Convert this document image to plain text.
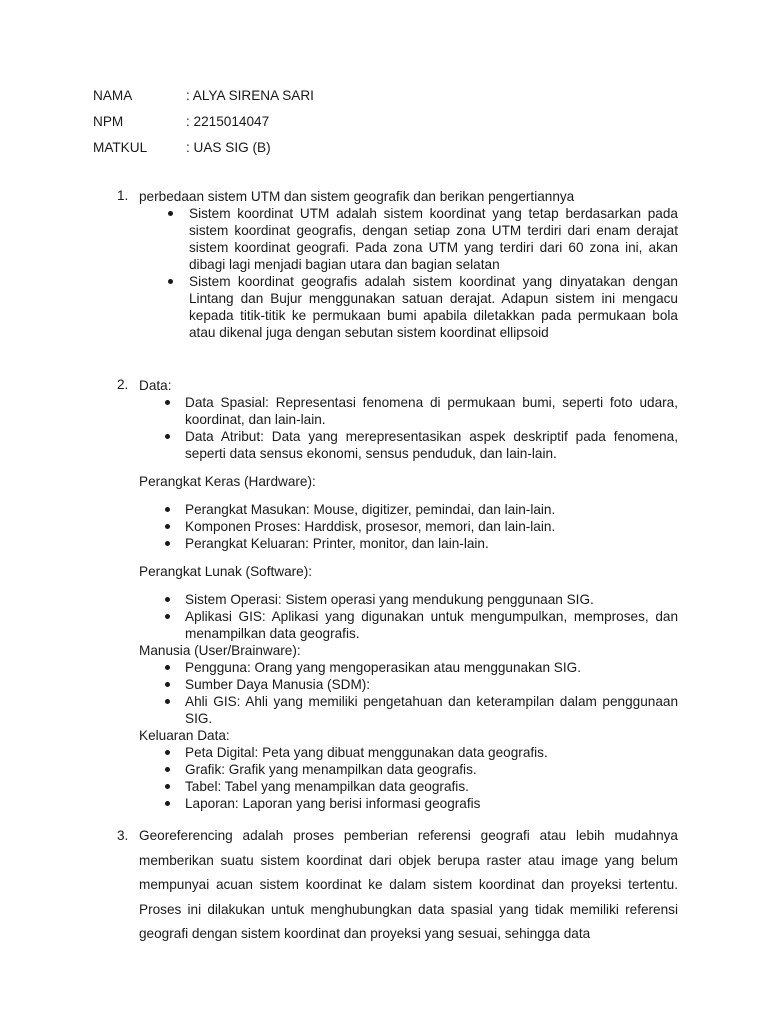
NAMA	: ALYA SIRENA SARI
NPM	: 2215014047
MATKUL	: UAS SIG (B)
1. perbedaan sistem UTM dan sistem geografik dan berikan pengertiannya
Sistem koordinat UTM adalah sistem koordinat yang tetap berdasarkan pada sistem koordinat geografis, dengan setiap zona UTM terdiri dari enam derajat sistem koordinat geografi. Pada zona UTM yang terdiri dari 60 zona ini, akan dibagi lagi menjadi bagian utara dan bagian selatan
Sistem koordinat geografis adalah sistem koordinat yang dinyatakan dengan Lintang dan Bujur menggunakan satuan derajat. Adapun sistem ini mengacu kepada titik-titik ke permukaan bumi apabila diletakkan pada permukaan bola atau dikenal juga dengan sebutan sistem koordinat ellipsoid
2. Data:
Data Spasial: Representasi fenomena di permukaan bumi, seperti foto udara, koordinat, dan lain-lain.
Data Atribut: Data yang merepresentasikan aspek deskriptif pada fenomena, seperti data sensus ekonomi, sensus penduduk, dan lain-lain.
Perangkat Keras (Hardware):
Perangkat Masukan: Mouse, digitizer, pemindai, dan lain-lain.
Komponen Proses: Harddisk, prosesor, memori, dan lain-lain.
Perangkat Keluaran: Printer, monitor, dan lain-lain.
Perangkat Lunak (Software):
Sistem Operasi: Sistem operasi yang mendukung penggunaan SIG.
Aplikasi GIS: Aplikasi yang digunakan untuk mengumpulkan, memproses, dan menampilkan data geografis.
Manusia (User/Brainware):
Pengguna: Orang yang mengoperasikan atau menggunakan SIG.
Sumber Daya Manusia (SDM):
Ahli GIS: Ahli yang memiliki pengetahuan dan keterampilan dalam penggunaan SIG.
Keluaran Data:
Peta Digital: Peta yang dibuat menggunakan data geografis.
Grafik: Grafik yang menampilkan data geografis.
Tabel: Tabel yang menampilkan data geografis.
Laporan: Laporan yang berisi informasi geografis
3. Georeferencing adalah proses pemberian referensi geografi atau lebih mudahnya memberikan suatu sistem koordinat dari objek berupa raster atau image yang belum mempunyai acuan sistem koordinat ke dalam sistem koordinat dan proyeksi tertentu. Proses ini dilakukan untuk menghubungkan data spasial yang tidak memiliki referensi geografi dengan sistem koordinat dan proyeksi yang sesuai, sehingga data
